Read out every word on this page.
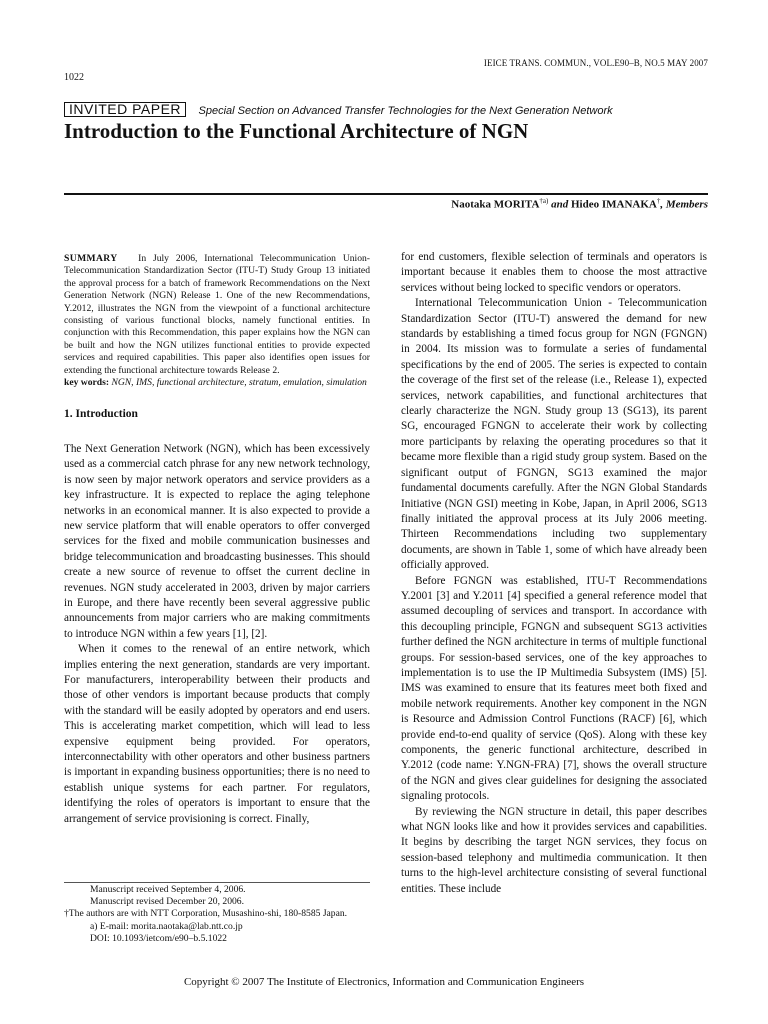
IEICE TRANS. COMMUN., VOL.E90–B, NO.5 MAY 2007
1022
INVITED PAPER Special Section on Advanced Transfer Technologies for the Next Generation Network
Introduction to the Functional Architecture of NGN
Naotaka MORITA$^{\dagger a)}$ and Hideo IMANAKA†, Members
SUMMARY In July 2006, International Telecommunication Union-Telecommunication Standardization Sector (ITU-T) Study Group 13 initiated the approval process for a batch of framework Recommendations on the Next Generation Network (NGN) Release 1. One of the new Recommendations, Y.2012, illustrates the NGN from the viewpoint of a functional architecture consisting of various functional blocks, namely functional entities. In conjunction with this Recommendation, this paper explains how the NGN can be built and how the NGN utilizes functional entities to provide expected services and required capabilities. This paper also identifies open issues for extending the functional architecture towards Release 2.
key words: NGN, IMS, functional architecture, stratum, emulation, simulation
1. Introduction

The Next Generation Network (NGN), which has been excessively used as a commercial catch phrase for any new network technology, is now seen by major network operators and service providers as a key infrastructure. It is expected to replace the aging telephone networks in an economical manner. It is also expected to provide a new service platform that will enable operators to offer converged services for the fixed and mobile communication businesses and bridge telecommunication and broadcasting businesses. This should create a new source of revenue to offset the current decline in revenues. NGN study accelerated in 2003, driven by major carriers in Europe, and there have recently been several aggressive public announcements from major carriers who are making commitments to introduce NGN within a few years [1], [2].

When it comes to the renewal of an entire network, which implies entering the next generation, standards are very important. For manufacturers, interoperability between their products and those of other vendors is important because products that comply with the standard will be easily adopted by operators and end users. This is accelerating market competition, which will lead to less expensive equipment being provided. For operators, interconnectability with other operators and other business partners is important in expanding business opportunities; there is no need to establish unique systems for each partner. For regulators, identifying the roles of operators is important to ensure that the arrangement of service provisioning is correct. Finally,

for end customers, flexible selection of terminals and operators is important because it enables them to choose the most attractive services without being locked to specific vendors or operators.

International Telecommunication Union - Telecommunication Standardization Sector (ITU-T) answered the demand for new standards by establishing a timed focus group for NGN (FGNGN) in 2004. Its mission was to formulate a series of fundamental specifications by the end of 2005. The series is expected to contain the coverage of the first set of the release (i.e., Release 1), expected services, network capabilities, and functional architectures that clearly characterize the NGN. Study group 13 (SG13), its parent SG, encouraged FGNGN to accelerate their work by collecting more participants by relaxing the operating procedures so that it became more flexible than a rigid study group system. Based on the significant output of FGNGN, SG13 examined the major fundamental documents carefully. After the NGN Global Standards Initiative (NGN GSI) meeting in Kobe, Japan, in April 2006, SG13 finally initiated the approval process at its July 2006 meeting. Thirteen Recommendations including two supplementary documents, are shown in Table 1, some of which have already been officially approved.

Before FGNGN was established, ITU-T Recommendations Y.2001 [3] and Y.2011 [4] specified a general reference model that assumed decoupling of services and transport. In accordance with this decoupling principle, FGNGN and subsequent SG13 activities further defined the NGN architecture in terms of multiple functional groups. For session-based services, one of the key approaches to implementation is to use the IP Multimedia Subsystem (IMS) [5]. IMS was examined to ensure that its features meet both fixed and mobile network requirements. Another key component in the NGN is Resource and Admission Control Functions (RACF) [6], which provide end-to-end quality of service (QoS). Along with these key components, the generic functional architecture, described in Y.2012 (code name: Y.NGN-FRA) [7], shows the overall structure of the NGN and gives clear guidelines for designing the associated signaling protocols.

By reviewing the NGN structure in detail, this paper describes what NGN looks like and how it provides services and capabilities. It begins by describing the target NGN services, they focus on session-based telephony and multimedia communication. It then turns to the high-level architecture consisting of several functional entities. These include

Manuscript received September 4, 2006.
Manuscript revised December 20, 2006.
†The authors are with NTT Corporation, Musashino-shi, 180-8585 Japan.
a) E-mail: morita.naotaka@lab.ntt.co.jp
DOI: 10.1093/ietcom/e90–b.5.1022
Copyright © 2007 The Institute of Electronics, Information and Communication Engineers
